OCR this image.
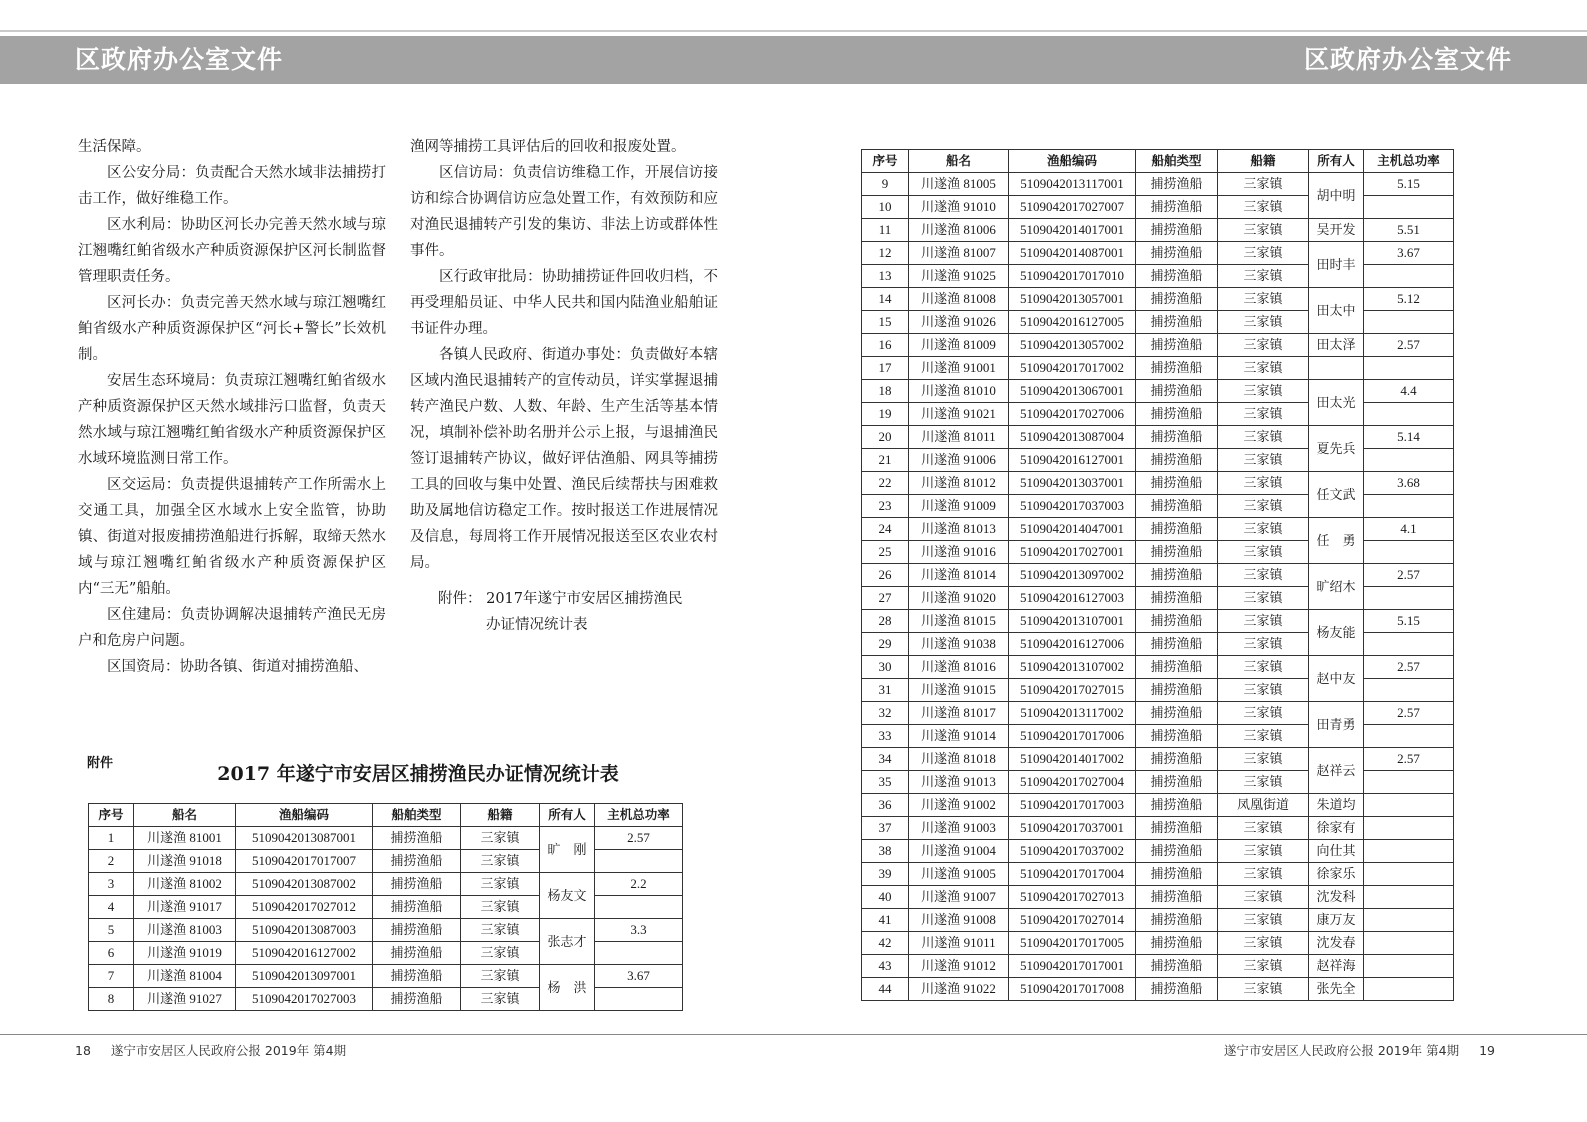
区政府办公室文件	区政府办公室文件

生活保障。

区公安分局：负责配合天然水域非法捕捞打击工作，做好维稳工作。

区水利局：协助区河长办完善天然水域与琼江翘嘴红鲌省级水产种质资源保护区河长制监督管理职责任务。

区河长办：负责完善天然水域与琼江翘嘴红鲌省级水产种质资源保护区“河长+警长”长效机制。

安居生态环境局：负责琼江翘嘴红鲌省级水产种质资源保护区天然水域排污口监督，负责天然水域与琼江翘嘴红鲌省级水产种质资源保护区水域环境监测日常工作。

区交运局：负责提供退捕转产工作所需水上交通工具，加强全区水域水上安全监管，协助镇、街道对报废捕捞渔船进行拆解，取缔天然水域与琼江翘嘴红鲌省级水产种质资源保护区内“三无”船舶。

区住建局：负责协调解决退捕转产渔民无房户和危房户问题。

区国资局：协助各镇、街道对捕捞渔船、

渔网等捕捞工具评估后的回收和报废处置。

区信访局：负责信访维稳工作，开展信访接访和综合协调信访应急处置工作，有效预防和应对渔民退捕转产引发的集访、非法上访或群体性事件。

区行政审批局：协助捕捞证件回收归档，不再受理船员证、中华人民共和国内陆渔业船舶证书证件办理。

各镇人民政府、街道办事处：负责做好本辖区域内渔民退捕转产的宣传动员，详实掌握退捕转产渔民户数、人数、年龄、生产生活等基本情况，填制补偿补助名册并公示上报，与退捕渔民签订退捕转产协议，做好评估渔船、网具等捕捞工具的回收与集中处置、渔民后续帮扶与困难救助及属地信访稳定工作。按时报送工作进展情况及信息，每周将工作开展情况报送至区农业农村局。

附件： 2017年遂宁市安居区捕捞渔民
办证情况统计表

附件	2017 年遂宁市安居区捕捞渔民办证情况统计表
序号	船名	渔船编码	船舶类型	船籍	所有人	主机总功率
1	川遂渔 81001	5109042013087001	捕捞渔船	三家镇	旷　刚	2.57
2	川遂渔 91018	5109042017017007	捕捞渔船	三家镇		
3	川遂渔 81002	5109042013087002	捕捞渔船	三家镇	杨友文	2.2
4	川遂渔 91017	5109042017027012	捕捞渔船	三家镇		
5	川遂渔 81003	5109042013087003	捕捞渔船	三家镇	张志才	3.3
6	川遂渔 91019	5109042016127002	捕捞渔船	三家镇		
7	川遂渔 81004	5109042013097001	捕捞渔船	三家镇	杨　洪	3.67
8	川遂渔 91027	5109042017027003	捕捞渔船	三家镇		
序号	船名	渔船编码	船舶类型	船籍	所有人	主机总功率
9	川遂渔 81005	5109042013117001	捕捞渔船	三家镇	胡中明	5.15
10	川遂渔 91010	5109042017027007	捕捞渔船	三家镇		
11	川遂渔 81006	5109042014017001	捕捞渔船	三家镇	吴开发	5.51
12	川遂渔 81007	5109042014087001	捕捞渔船	三家镇	田时丰	3.67
13	川遂渔 91025	5109042017017010	捕捞渔船	三家镇		
14	川遂渔 81008	5109042013057001	捕捞渔船	三家镇	田太中	5.12
15	川遂渔 91026	5109042016127005	捕捞渔船	三家镇		
16	川遂渔 81009	5109042013057002	捕捞渔船	三家镇	田太泽	2.57
17	川遂渔 91001	5109042017017002	捕捞渔船	三家镇		
18	川遂渔 81010	5109042013067001	捕捞渔船	三家镇	田太光	4.4
19	川遂渔 91021	5109042017027006	捕捞渔船	三家镇		
20	川遂渔 81011	5109042013087004	捕捞渔船	三家镇	夏先兵	5.14
21	川遂渔 91006	5109042016127001	捕捞渔船	三家镇		
22	川遂渔 81012	5109042013037001	捕捞渔船	三家镇	任文武	3.68
23	川遂渔 91009	5109042017037003	捕捞渔船	三家镇		
24	川遂渔 81013	5109042014047001	捕捞渔船	三家镇	任　勇	4.1
25	川遂渔 91016	5109042017027001	捕捞渔船	三家镇		
26	川遂渔 81014	5109042013097002	捕捞渔船	三家镇	旷绍木	2.57
27	川遂渔 91020	5109042016127003	捕捞渔船	三家镇		
28	川遂渔 81015	5109042013107001	捕捞渔船	三家镇	杨友能	5.15
29	川遂渔 91038	5109042016127006	捕捞渔船	三家镇		
30	川遂渔 81016	5109042013107002	捕捞渔船	三家镇	赵中友	2.57
31	川遂渔 91015	5109042017027015	捕捞渔船	三家镇		
32	川遂渔 81017	5109042013117002	捕捞渔船	三家镇	田青勇	2.57
33	川遂渔 91014	5109042017017006	捕捞渔船	三家镇		
34	川遂渔 81018	5109042014017002	捕捞渔船	三家镇	赵祥云	2.57
35	川遂渔 91013	5109042017027004	捕捞渔船	三家镇		
36	川遂渔 91002	5109042017017003	捕捞渔船	凤凰街道	朱道均	
37	川遂渔 91003	5109042017037001	捕捞渔船	三家镇	徐家有	
38	川遂渔 91004	5109042017037002	捕捞渔船	三家镇	向仕其	
39	川遂渔 91005	5109042017017004	捕捞渔船	三家镇	徐家乐	
40	川遂渔 91007	5109042017027013	捕捞渔船	三家镇	沈发科	
41	川遂渔 91008	5109042017027014	捕捞渔船	三家镇	康万友	
42	川遂渔 91011	5109042017017005	捕捞渔船	三家镇	沈发春	
43	川遂渔 91012	5109042017017001	捕捞渔船	三家镇	赵祥海	
44	川遂渔 91022	5109042017017008	捕捞渔船	三家镇	张先全	
18 遂宁市安居区人民政府公报 2019年 第4期	遂宁市安居区人民政府公报 2019年 第4期 19
